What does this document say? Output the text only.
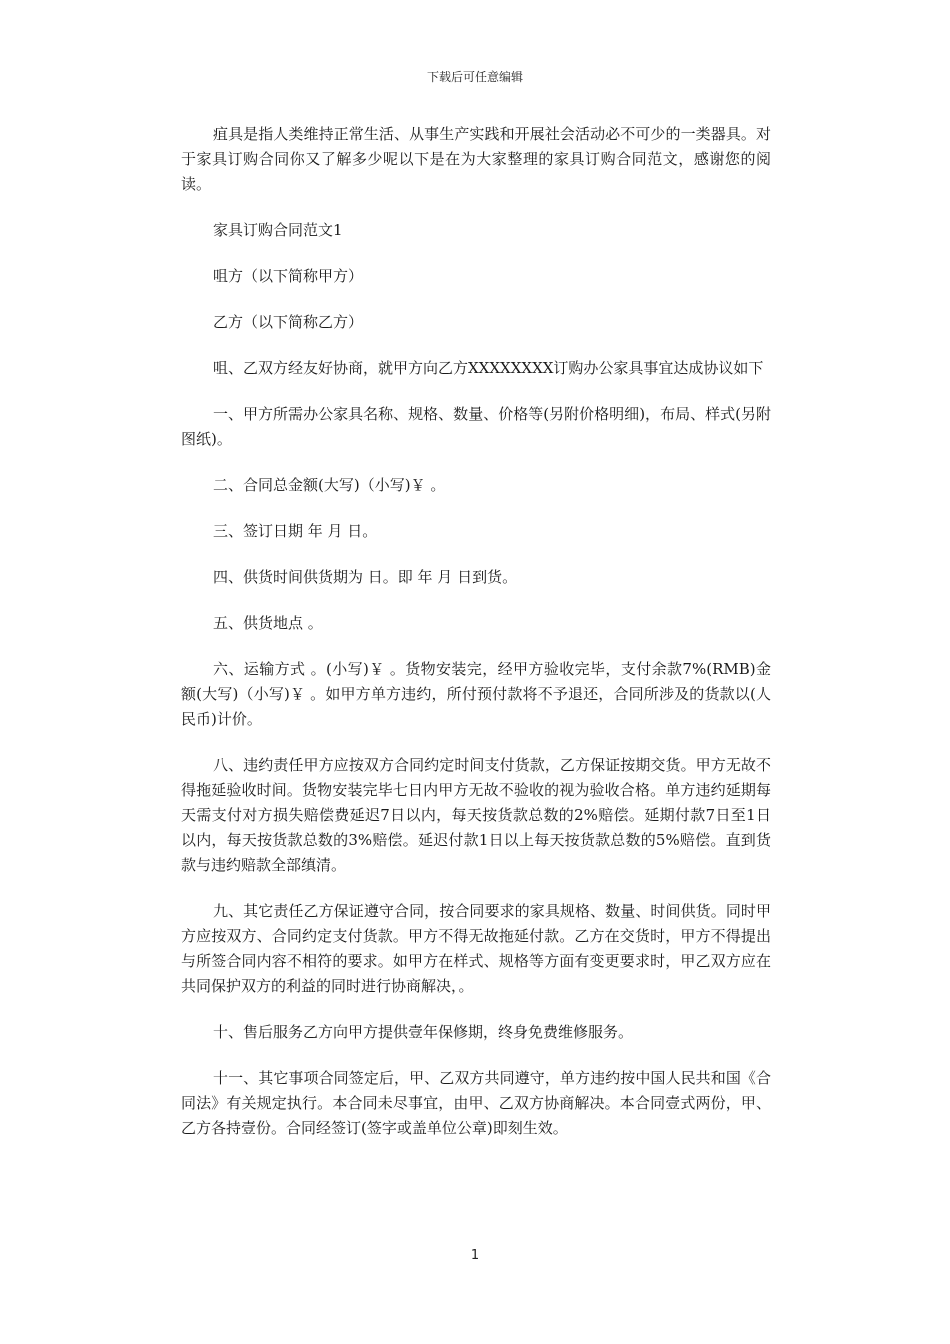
下载后可任意编辑

疽具是指人类维持正常生活、从事生产实践和开展社会活动必不可少的一类器具。对于家具订购合同你又了解多少呢以下是在为大家整理的家具订购合同范文，感谢您的阅读。

家具订购合同范文1

咀方（以下简称甲方）

乙方（以下简称乙方）

咀、乙双方经友好协商，就甲方向乙方XXXXXXXX订购办公家具事宜达成协议如下

一、甲方所需办公家具名称、规格、数量、价格等(另附价格明细)，布局、样式(另附图纸)。

二、合同总金额(大写)（小写)￥ 。

三、签订日期 年 月 日。

四、供货时间供货期为 日。即 年 月 日到货。

五、供货地点 。

六、运输方式 。(小写)￥ 。货物安装完，经甲方验收完毕，支付余款7%(RMB)金额(大写)（小写)￥ 。如甲方单方违约，所付预付款将不予退还，合同所涉及的货款以(人民币)计价。

八、违约责任甲方应按双方合同约定时间支付货款，乙方保证按期交货。甲方无故不得拖延验收时间。货物安装完毕七日内甲方无故不验收的视为验收合格。单方违约延期每天需支付对方损失赔偿费延迟7日以内，每天按货款总数的2%赔偿。延期付款7日至1日以内，每天按货款总数的3%赔偿。延迟付款1日以上每天按货款总数的5%赔偿。直到货款与违约赔款全部缜清。

九、其它责任乙方保证遵守合同，按合同要求的家具规格、数量、时间供货。同时甲方应按双方、合同约定支付货款。甲方不得无故拖延付款。乙方在交货时，甲方不得提出与所签合同内容不相符的要求。如甲方在样式、规格等方面有变更要求时，甲乙双方应在共同保护双方的利益的同时进行协商解决，。

十、售后服务乙方向甲方提供壹年保修期，终身免费维修服务。

十一、其它事项合同签定后，甲、乙双方共同遵守，单方违约按中国人民共和国《合同法》有关规定执行。本合同未尽事宜，由甲、乙双方协商解决。本合同壹式两份，甲、乙方各持壹份。合同经签订(签字或盖单位公章)即刻生效。

1
